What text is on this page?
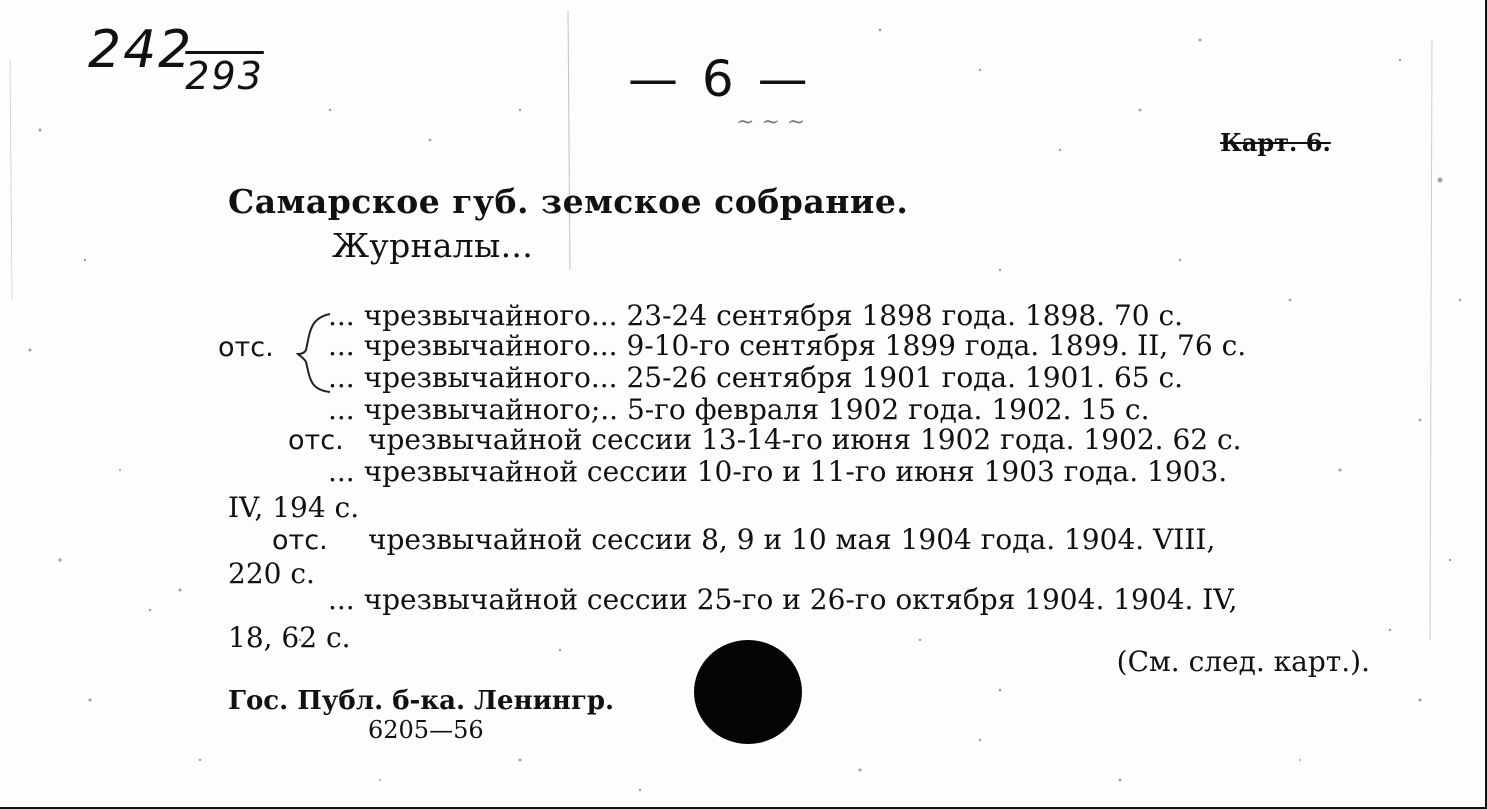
$242_{293}$	— 6 —
~ ~ ~
Карт. 6.
Самарское губ. земское собрание.
Журналы...
... чрезвычайного... 23-24 сентября 1898 года. 1898. 70 с.
отс.	... чрезвычайного... 9-10-го сентября 1899 года. 1899. II, 76 с.
... чрезвычайного... 25-26 сентября 1901 года. 1901. 65 с.
... чрезвычайного;.. 5-го февраля 1902 года. 1902. 15 с.
отс. чрезвычайной сессии 13-14-го июня 1902 года. 1902. 62 с.
... чрезвычайной сессии 10-го и 11-го июня 1903 года. 1903.
IV, 194 с.
отс.	чрезвычайной сессии 8, 9 и 10 мая 1904 года. 1904. VIII,
220 с.
... чрезвычайной сессии 25-го и 26-го октября 1904. 1904. IV,
18, 62 с.
(См. след. карт.).
Гос. Публ. б-ка. Ленингр.
6205—56
